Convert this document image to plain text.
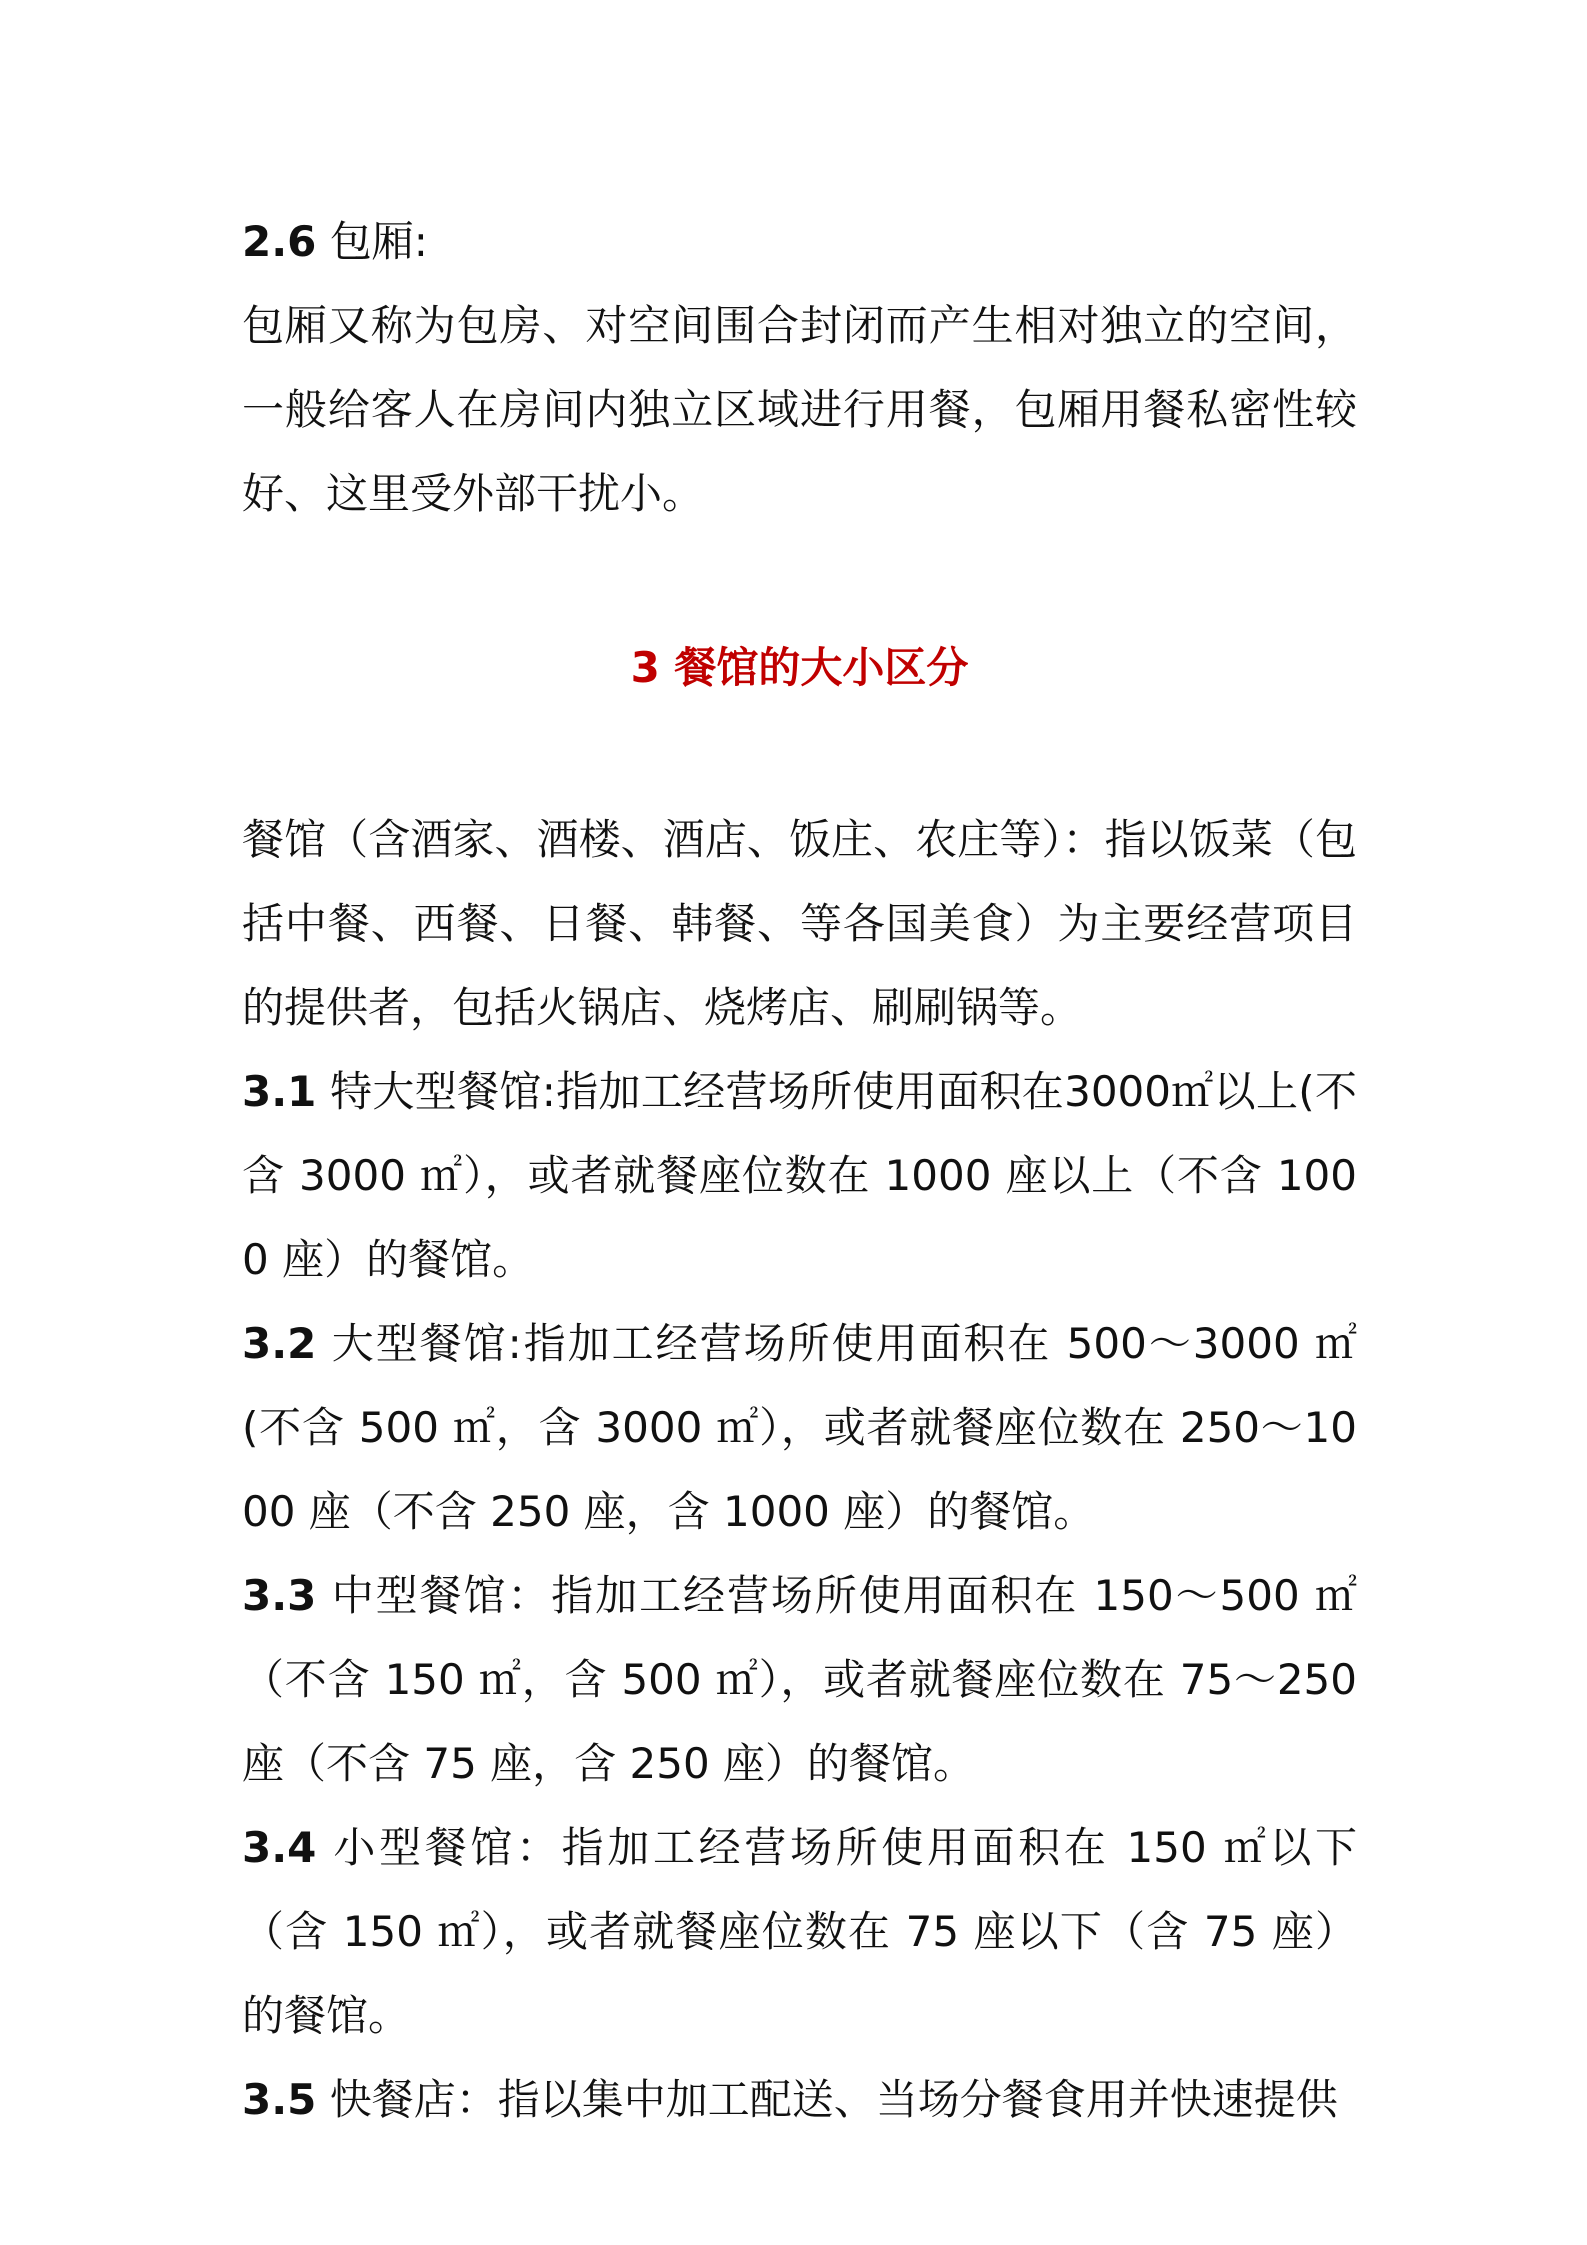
2.6 包厢:

包厢又称为包房、对空间围合封闭而产生相对独立的空间，一般给客人在房间内独立区域进行用餐，包厢用餐私密性较好、这里受外部干扰小。

3 餐馆的大小区分

餐馆（含酒家、酒楼、酒店、饭庄、农庄等）：指以饭菜（包括中餐、西餐、日餐、韩餐、等各国美食）为主要经营项目的提供者，包括火锅店、烧烤店、刷刷锅等。

3.1 特大型餐馆:指加工经营场所使用面积在3000㎡以上(不含 3000 ㎡），或者就餐座位数在 1000 座以上（不含 1000 座）的餐馆。

3.2 大型餐馆:指加工经营场所使用面积在 500～3000 ㎡(不含 500 ㎡，含 3000 ㎡），或者就餐座位数在 250～1000 座（不含 250 座，含 1000 座）的餐馆。

3.3 中型餐馆：指加工经营场所使用面积在 150～500 ㎡（不含 150 ㎡，含 500 ㎡），或者就餐座位数在 75～250 座（不含 75 座，含 250 座）的餐馆。

3.4 小型餐馆：指加工经营场所使用面积在 150 ㎡以下（含 150 ㎡），或者就餐座位数在 75 座以下（含 75 座）的餐馆。

3.5 快餐店：指以集中加工配送、当场分餐食用并快速提供
